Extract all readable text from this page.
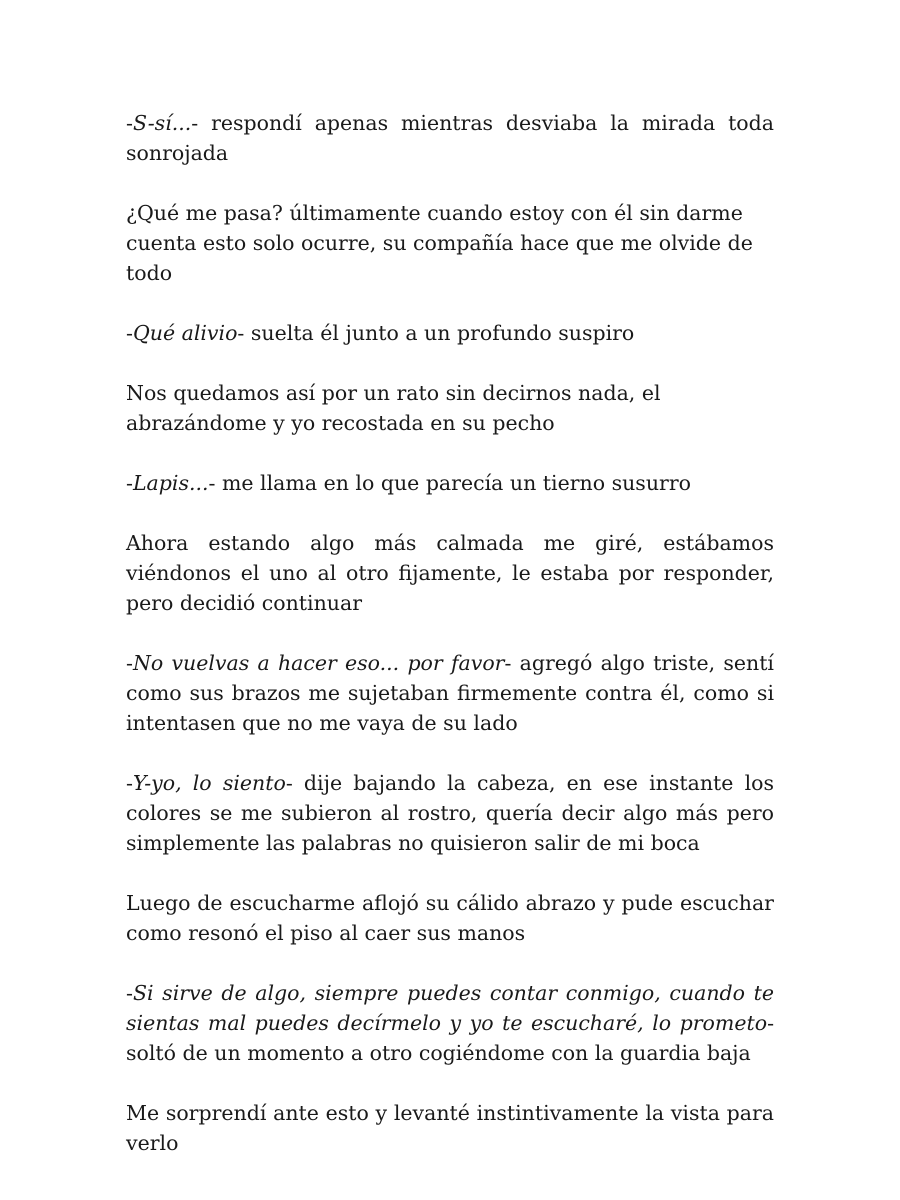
-S-sí...- respondí apenas mientras desviaba la mirada toda sonrojada

¿Qué me pasa? últimamente cuando estoy con él sin darme cuenta esto solo ocurre, su compañía hace que me olvide de todo

-Qué alivio- suelta él junto a un profundo suspiro

Nos quedamos así por un rato sin decirnos nada, el abrazándome y yo recostada en su pecho

-Lapis...- me llama en lo que parecía un tierno susurro

Ahora estando algo más calmada me giré, estábamos viéndonos el uno al otro fijamente, le estaba por responder, pero decidió continuar

-No vuelvas a hacer eso... por favor- agregó algo triste, sentí como sus brazos me sujetaban firmemente contra él, como si intentasen que no me vaya de su lado

-Y-yo, lo siento- dije bajando la cabeza, en ese instante los colores se me subieron al rostro, quería decir algo más pero simplemente las palabras no quisieron salir de mi boca

Luego de escucharme aflojó su cálido abrazo y pude escuchar como resonó el piso al caer sus manos

-Si sirve de algo, siempre puedes contar conmigo, cuando te sientas mal puedes decírmelo y yo te escucharé, lo prometo- soltó de un momento a otro cogiéndome con la guardia baja

Me sorprendí ante esto y levanté instintivamente la vista para verlo
